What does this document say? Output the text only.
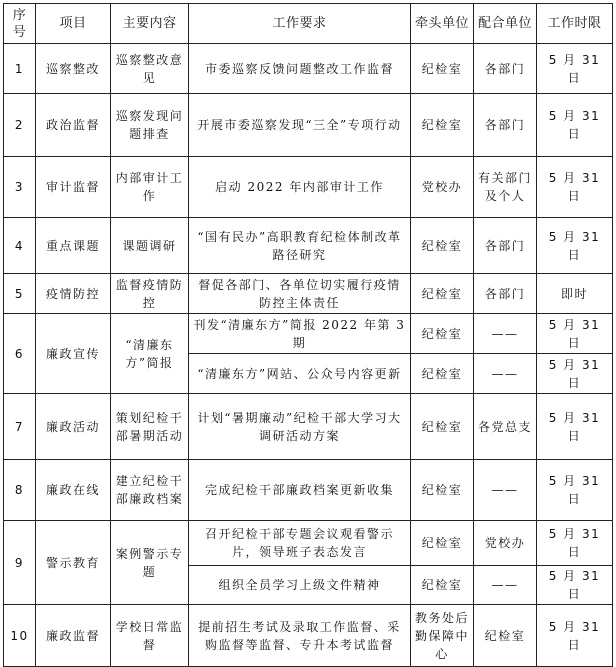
序号	项目	主要内容	工作要求	牵头单位	配合单位	工作时限
1	巡察整改	巡察整改意见	市委巡察反馈问题整改工作监督	纪检室	各部门	5 月 31 日
2	政治监督	巡察发现问题排查	开展市委巡察发现“三全”专项行动	纪检室	各部门	5 月 31 日
3	审计监督	内部审计工作	启动 2022 年内部审计工作	党校办	有关部门及个人	5 月 31 日
4	重点课题	课题调研	“国有民办”高职教育纪检体制改革路径研究	纪检室	各部门	5 月 31 日
5	疫情防控	监督疫情防控	督促各部门、各单位切实履行疫情防控主体责任	纪检室	各部门	即时
6	廉政宣传	“清廉东方”简报	刊发“清廉东方”简报 2022 年第 3 期	纪检室	——	5 月 31 日
			“清廉东方”网站、公众号内容更新	纪检室	——	5 月 31 日
7	廉政活动	策划纪检干部暑期活动	计划“暑期廉动”纪检干部大学习大调研活动方案	纪检室	各党总支	5 月 31 日
8	廉政在线	建立纪检干部廉政档案	完成纪检干部廉政档案更新收集	纪检室	——	5 月 31 日
9	警示教育	案例警示专题	召开纪检干部专题会议观看警示片，领导班子表态发言	纪检室	党校办	5 月 31 日
			组织全员学习上级文件精神	纪检室	——	5 月 31 日
10	廉政监督	学校日常监督	提前招生考试及录取工作监督、采购监督等监督、专升本考试监督	教务处后勤保障中心	纪检室	5 月 31 日
